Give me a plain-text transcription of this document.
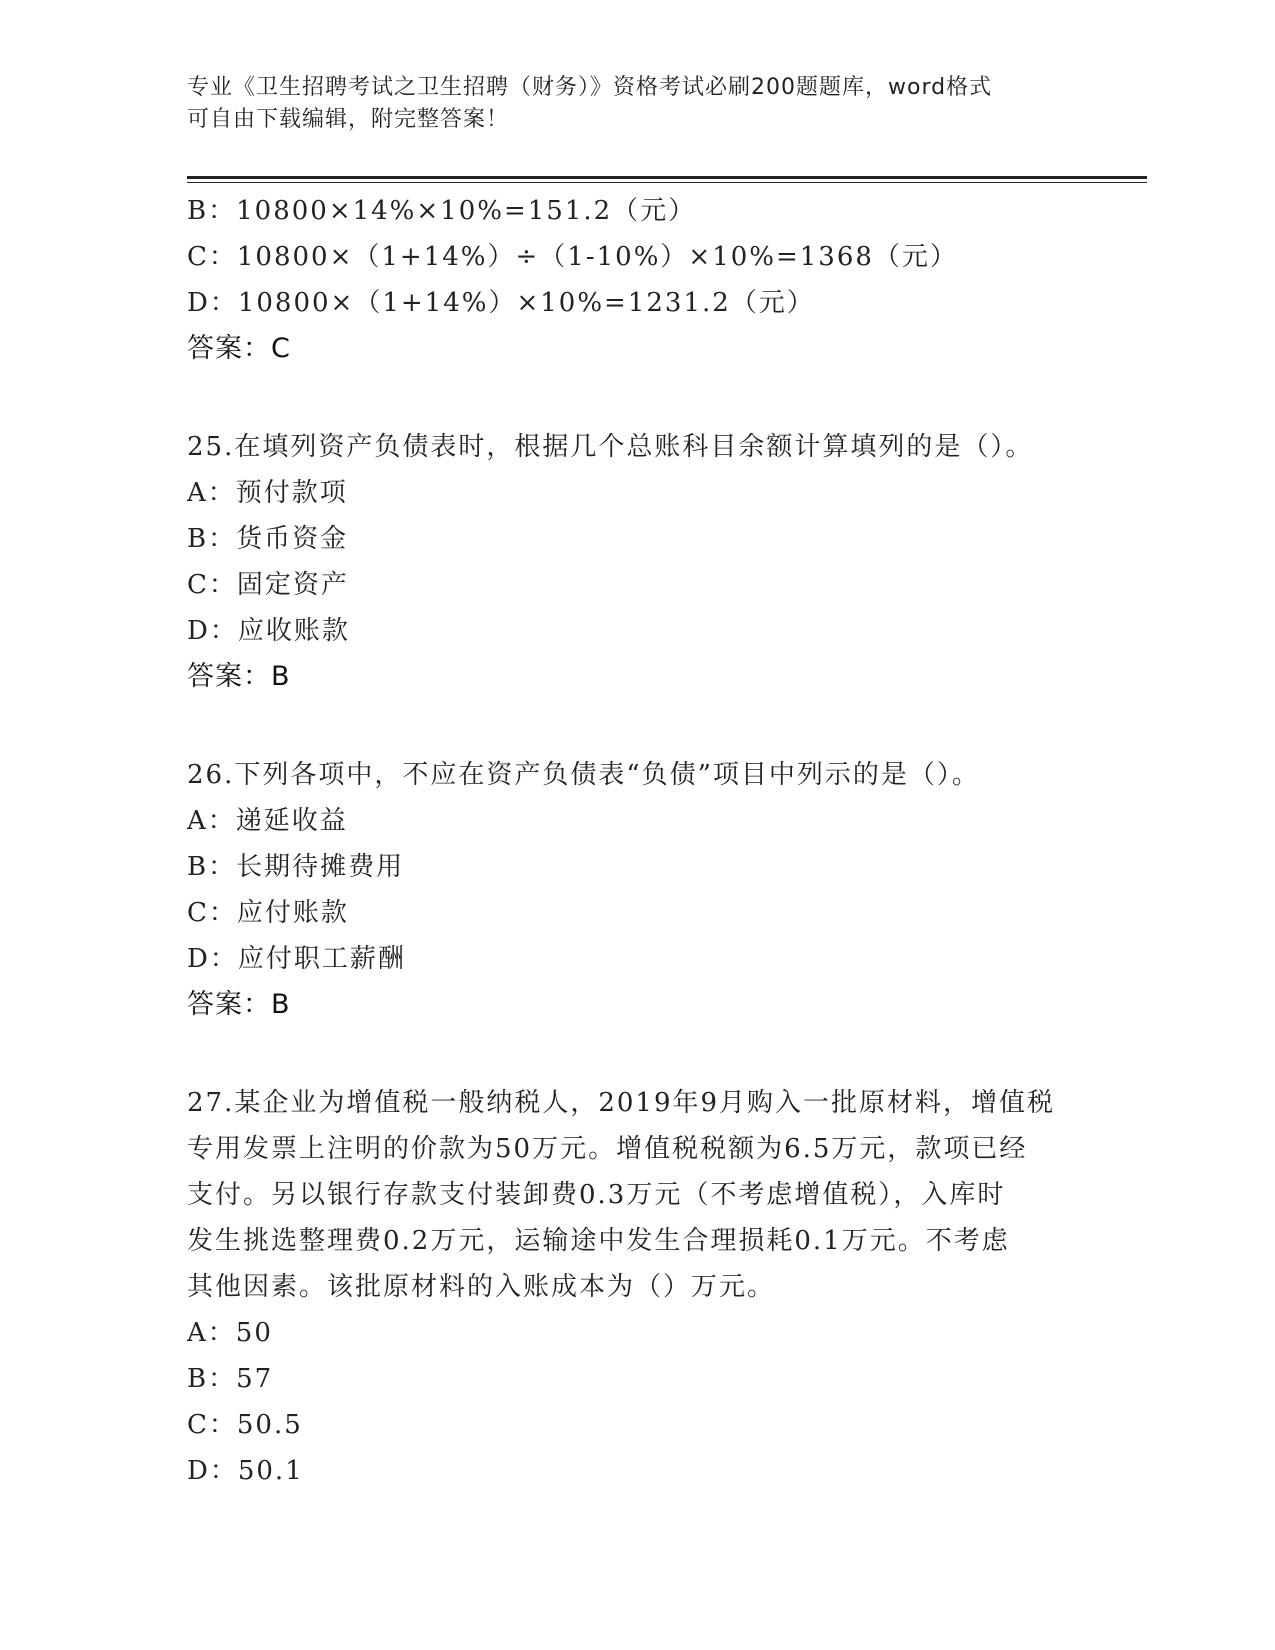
专业《卫生招聘考试之卫生招聘（财务）》资格考试必刷200题题库，word格式
可自由下载编辑，附完整答案！
B：10800×14%×10%=151.2（元）
C：10800×（1+14%）÷（1-10%）×10%=1368（元）
D：10800×（1+14%）×10%=1231.2（元）
答案：C
25.在填列资产负债表时，根据几个总账科目余额计算填列的是（）。
A：预付款项
B：货币资金
C：固定资产
D：应收账款
答案：B
26.下列各项中，不应在资产负债表“负债”项目中列示的是（）。
A：递延收益
B：长期待摊费用
C：应付账款
D：应付职工薪酬
答案：B
27.某企业为增值税一般纳税人，2019年9月购入一批原材料，增值税
专用发票上注明的价款为50万元。增值税税额为6.5万元，款项已经
支付。另以银行存款支付装卸费0.3万元（不考虑增值税），入库时
发生挑选整理费0.2万元，运输途中发生合理损耗0.1万元。不考虑
其他因素。该批原材料的入账成本为（）万元。
A：50
B：57
C：50.5
D：50.1
